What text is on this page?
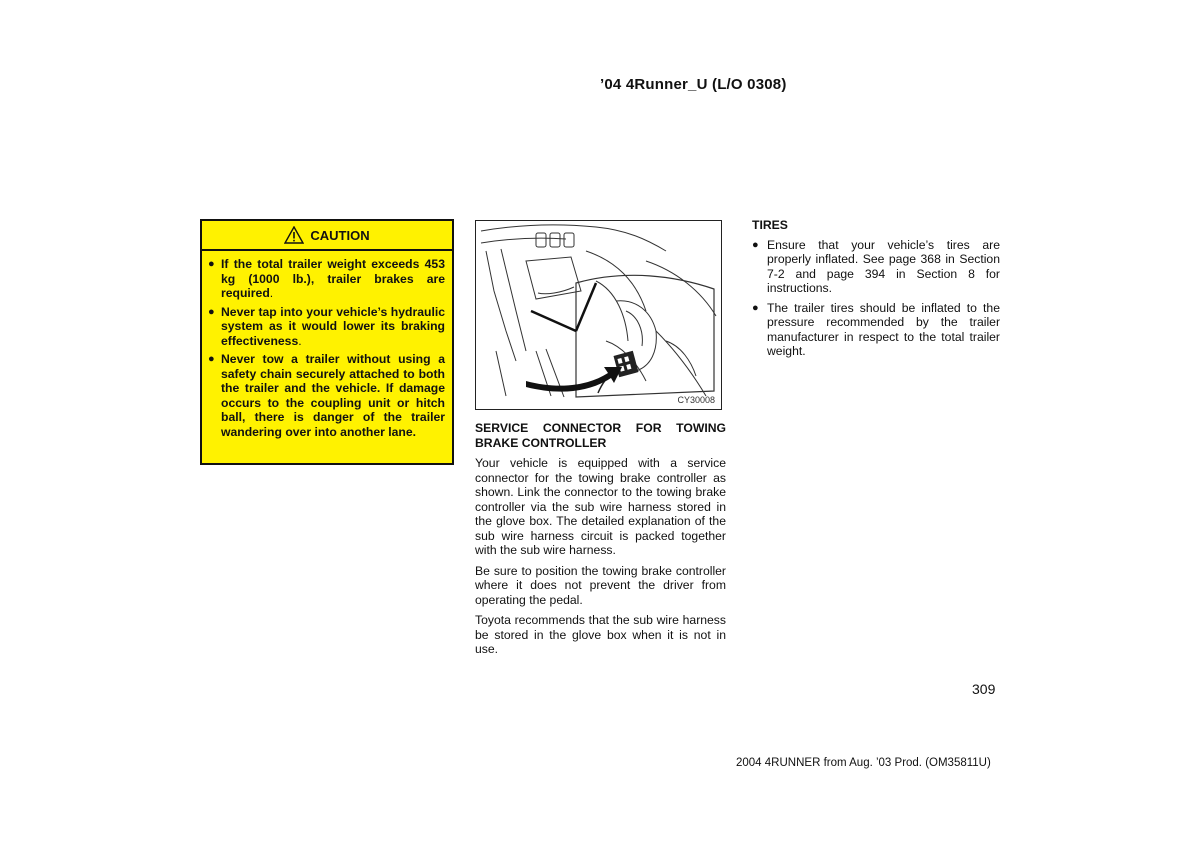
’04 4Runner_U (L/O 0308)
CAUTION
● If the total trailer weight exceeds 453 kg (1000 lb.), trailer brakes are required.
● Never tap into your vehicle’s hydraulic system as it would lower its braking effectiveness.
● Never tow a trailer without using a safety chain securely attached to both the trailer and the vehicle. If damage occurs to the coupling unit or hitch ball, there is danger of the trailer wandering over into another lane.
CY30008
SERVICE CONNECTOR FOR TOWING BRAKE CONTROLLER

Your vehicle is equipped with a service connector for the towing brake controller as shown. Link the connector to the towing brake controller via the sub wire harness stored in the glove box. The detailed explanation of the sub wire harness circuit is packed together with the sub wire harness.

Be sure to position the towing brake controller where it does not prevent the driver from operating the pedal.

Toyota recommends that the sub wire harness be stored in the glove box when it is not in use.

TIRES
● Ensure that your vehicle’s tires are properly inflated. See page 368 in Section 7-2 and page 394 in Section 8 for instructions.
● The trailer tires should be inflated to the pressure recommended by the trailer manufacturer in respect to the total trailer weight.
309
2004 4RUNNER from Aug. ’03 Prod. (OM35811U)
